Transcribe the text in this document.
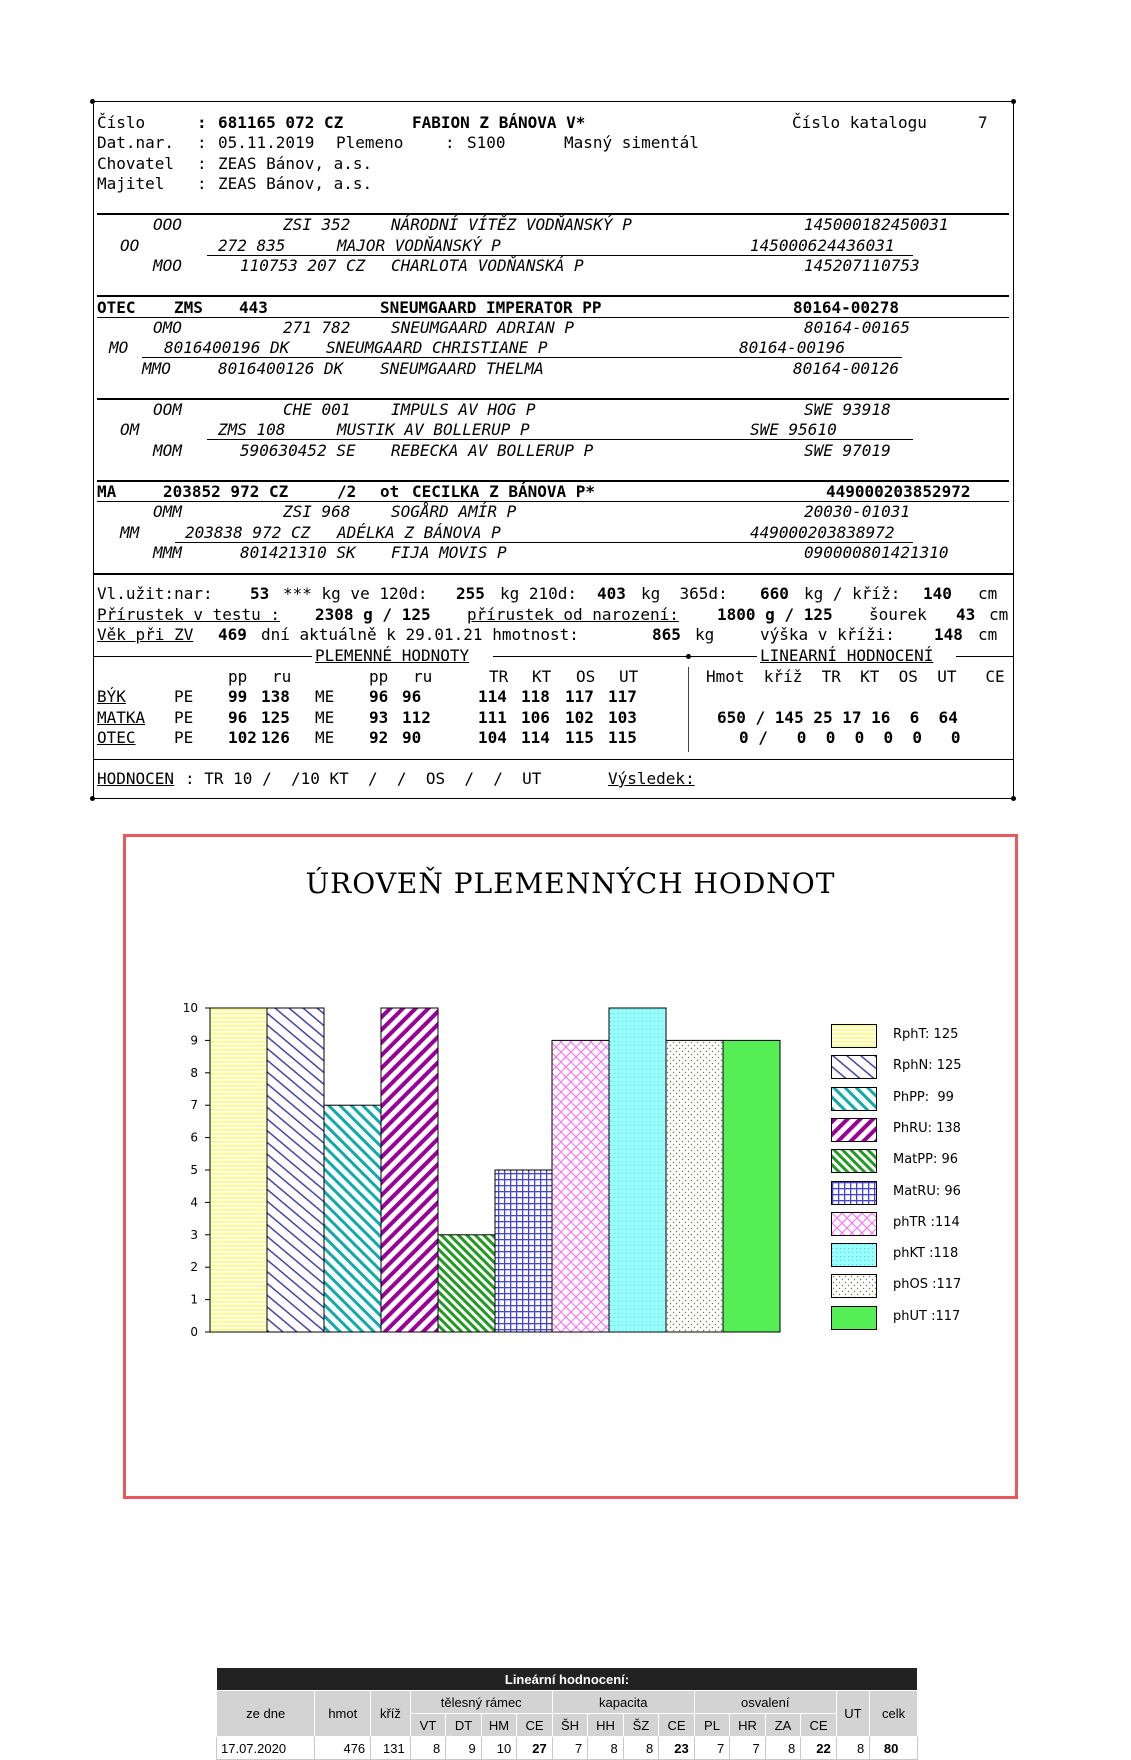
Číslo	: 681165 072 CZ	FABION Z BÁNOVA V*	Číslo katalogu	7
Dat.nar. : 05.11.2019 Plemeno	: S100	Masný simentál
Chovatel : ZEAS Bánov, a.s.
Majitel : ZEAS Bánov, a.s.
OOO	ZSI 352	NÁRODNÍ VÍTĚZ VODŇANSKÝ P	145000182450031
OO	272 835	MAJOR VODŇANSKÝ P	145000624436031
MOO	110753 207 CZ CHARLOTA VODŇANSKÁ P	145207110753
OTEC ZMS 443	SNEUMGAARD IMPERATOR PP	80164-00278
OMO	271 782	SNEUMGAARD ADRIAN P	80164-00165
MO 8016400196 DK SNEUMGAARD CHRISTIANE P	80164-00196
MMO	8016400126 DK SNEUMGAARD THELMA	80164-00126
OOM	CHE 001	IMPULS AV HOG P	SWE 93918
OM	ZMS 108	MUSTIK AV BOLLERUP P	SWE 95610
MOM	590630452 SE REBECKA AV BOLLERUP P	SWE 97019
MA	203852 972 CZ	/2 ot CECILKA Z BÁNOVA P*	449000203852972
OMM	ZSI 968	SOGÅRD AMÍR P	20030-01031
MM	203838 972 CZ ADÉLKA Z BÁNOVA P	449000203838972
MMM	801421310 SK FIJA MOVIS P	090000801421310
Vl.užit:nar: 53 *** kg ve 120d: 255 kg 210d: 403 kg  365d: 660 kg / kříž: 140 cm
Přírustek v testu : 2308 g / 125 přírustek od narození: 1800 g / 125 šourek 43 cm
Věk při ZV 469 dní aktuálně k 29.01.21 hmotnost:	865 kg	výška v kříži: 148 cm
PLEMENNÉ HODNOTY	LINEARNÍ HODNOCENÍ
pp ru	pp ru	TR KT OS UT	Hmot  kříž  TR  KT  OS  UT   CE
BÝK	PE 99 138 ME 96 96	114 118 117 117
MATKA PE 96 125 ME 93 112	111 106 102 103	650 / 145 25 17 16  6  64
OTEC PE 102 126 ME 92 90	104 114 115 115	0 /   0  0  0  0  0   0
HODNOCEN : TR 10 /  /10 KT  /  /  OS  /  /  UT	Výsledek:
ÚROVEŇ PLEMENNÝCH HODNOT
0
1
2
3
4
5
6
7
8
9
10
RphT: 125
RphN: 125
PhPP:  99
PhRU: 138
MatPP: 96
MatRU: 96
phTR :114
phKT :118
phOS :117
phUT :117
Lineární hodnocení:																
ze dne	hmot	kříž	tělesný rámec				kapacita				osvalení				UT	celk
			VT	DT	HM	CE	ŠH	HH	ŠZ	CE	PL	HR	ZA	CE		
17.07.2020	476	131	8	9	10	27	7	8	8	23	7	7	8	22	8	80
